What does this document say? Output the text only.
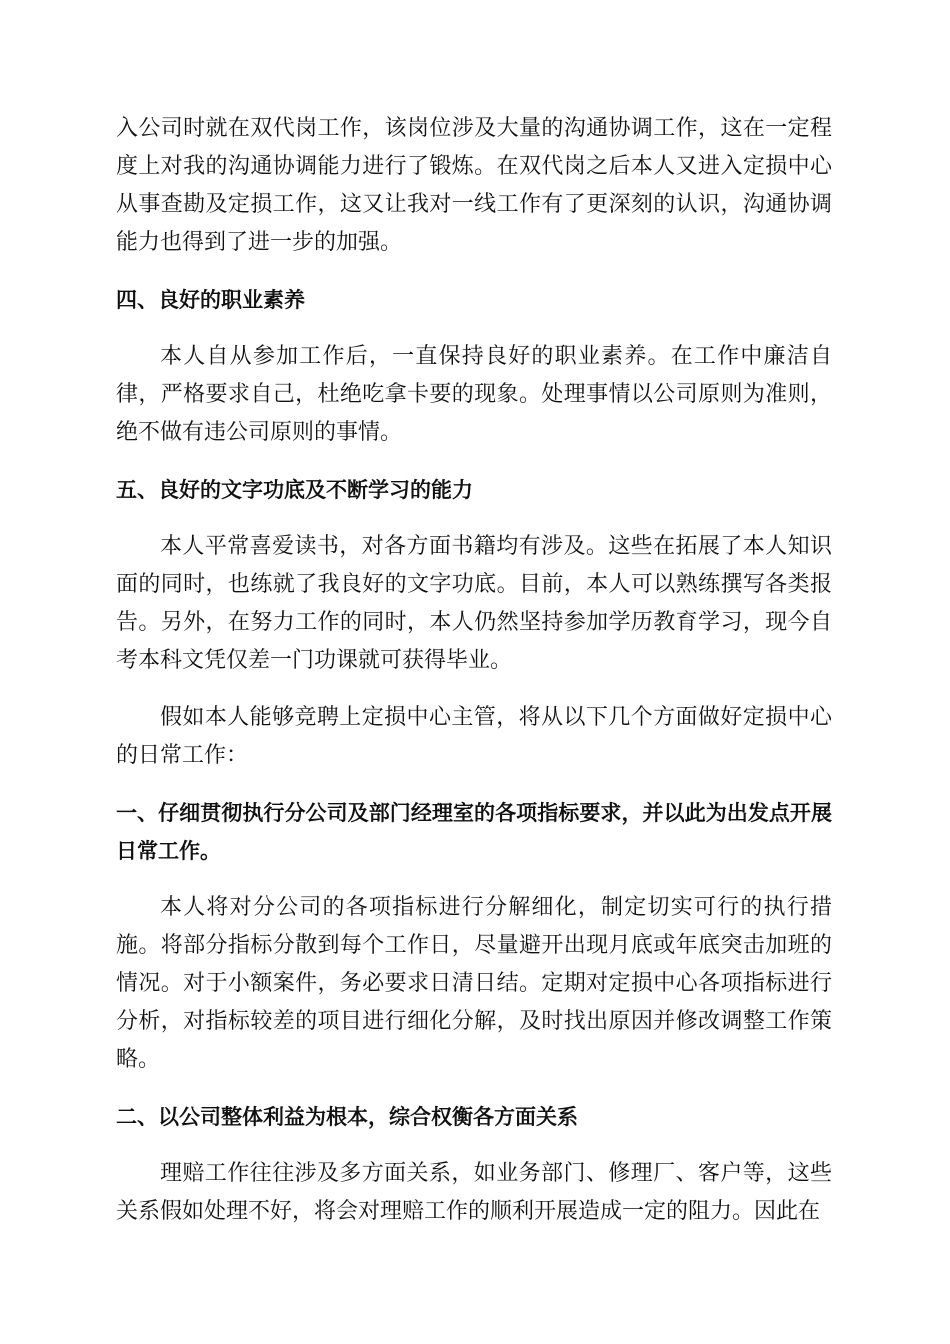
入公司时就在双代岗工作，该岗位涉及大量的沟通协调工作，这在一定程度上对我的沟通协调能力进行了锻炼。在双代岗之后本人又进入定损中心从事查勘及定损工作，这又让我对一线工作有了更深刻的认识，沟通协调能力也得到了进一步的加强。

四、良好的职业素养

本人自从参加工作后，一直保持良好的职业素养。在工作中廉洁自律，严格要求自己，杜绝吃拿卡要的现象。处理事情以公司原则为准则，绝不做有违公司原则的事情。

五、良好的文字功底及不断学习的能力

本人平常喜爱读书，对各方面书籍均有涉及。这些在拓展了本人知识面的同时，也练就了我良好的文字功底。目前，本人可以熟练撰写各类报告。另外，在努力工作的同时，本人仍然坚持参加学历教育学习，现今自考本科文凭仅差一门功课就可获得毕业。

假如本人能够竞聘上定损中心主管，将从以下几个方面做好定损中心的日常工作：

一、仔细贯彻执行分公司及部门经理室的各项指标要求，并以此为出发点开展日常工作。

本人将对分公司的各项指标进行分解细化，制定切实可行的执行措施。将部分指标分散到每个工作日，尽量避开出现月底或年底突击加班的情况。对于小额案件，务必要求日清日结。定期对定损中心各项指标进行分析，对指标较差的项目进行细化分解，及时找出原因并修改调整工作策略。

二、以公司整体利益为根本，综合权衡各方面关系

理赔工作往往涉及多方面关系，如业务部门、修理厂、客户等，这些关系假如处理不好，将会对理赔工作的顺利开展造成一定的阻力。因此在
